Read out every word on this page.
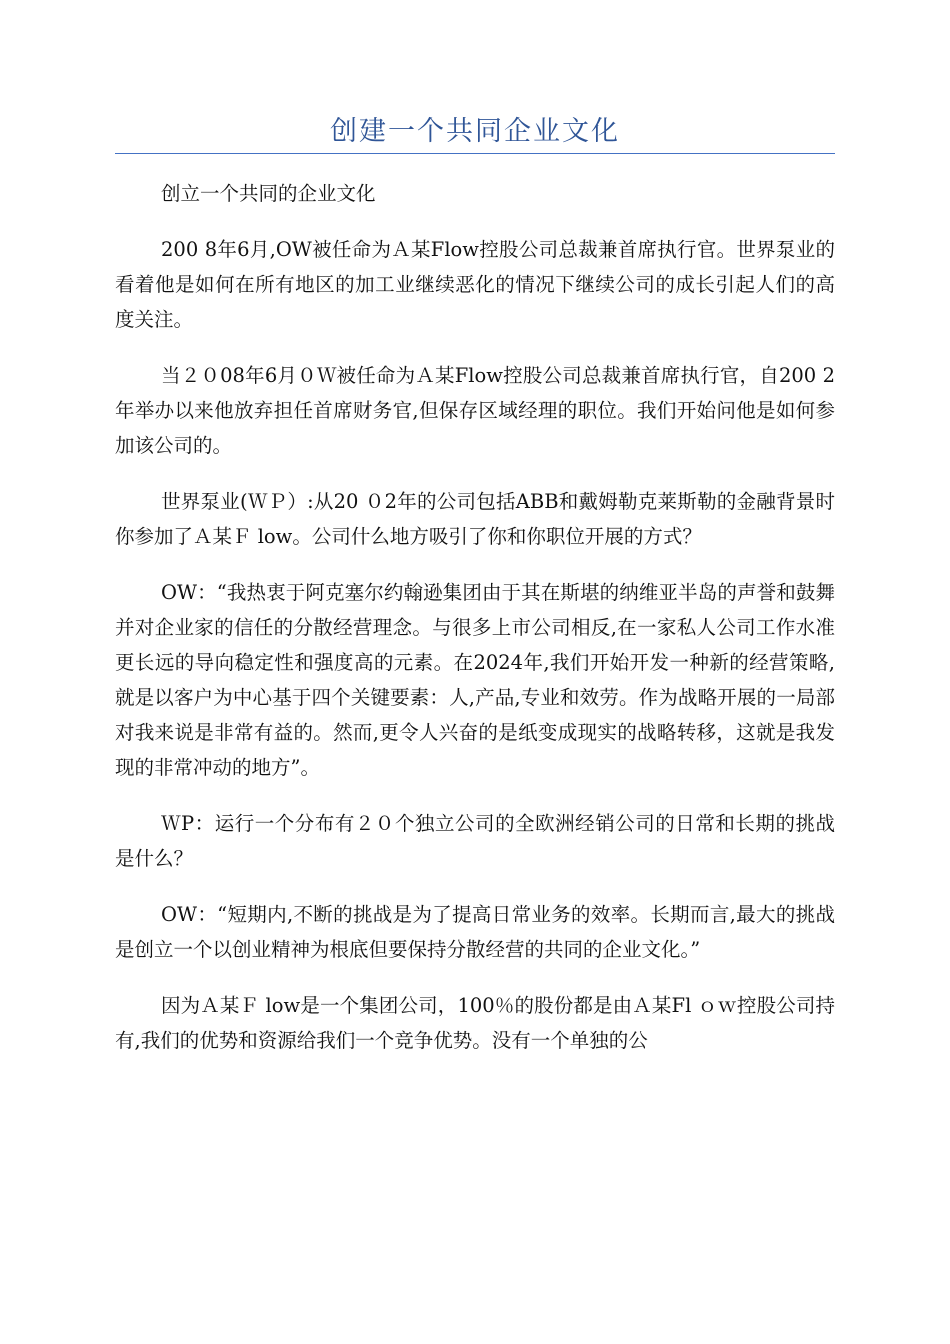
创建一个共同企业文化

创立一个共同的企业文化

200 8年6月,OW被任命为Ａ某Flow控股公司总裁兼首席执行官。世界泵业的看着他是如何在所有地区的加工业继续恶化的情况下继续公司的成长引起人们的高度关注。

当２０08年6月０Ｗ被任命为Ａ某Flow控股公司总裁兼首席执行官，自200 2年举办以来他放弃担任首席财务官,但保存区域经理的职位。我们开始问他是如何参加该公司的。

世界泵业(ＷＰ）:从20 ０2年的公司包括ABB和戴姆勒克莱斯勒的金融背景时你参加了Ａ某Ｆ low。公司什么地方吸引了你和你职位开展的方式？

OW：“我热衷于阿克塞尔约翰逊集团由于其在斯堪的纳维亚半岛的声誉和鼓舞并对企业家的信任的分散经营理念。与很多上市公司相反,在一家私人公司工作水准更长远的导向稳定性和强度高的元素。在2024年,我们开始开发一种新的经营策略,就是以客户为中心基于四个关键要素：人,产品,专业和效劳。作为战略开展的一局部对我来说是非常有益的。然而,更令人兴奋的是纸变成现实的战略转移，这就是我发现的非常冲动的地方”。

ＷP：运行一个分布有２０个独立公司的全欧洲经销公司的日常和长期的挑战是什么？

OW：“短期内,不断的挑战是为了提高日常业务的效率。长期而言,最大的挑战是创立一个以创业精神为根底但要保持分散经营的共同的企业文化。”

因为Ａ某Ｆ low是一个集团公司，100％的股份都是由Ａ某Fl ｏｗ控股公司持有,我们的优势和资源给我们一个竞争优势。没有一个单独的公
